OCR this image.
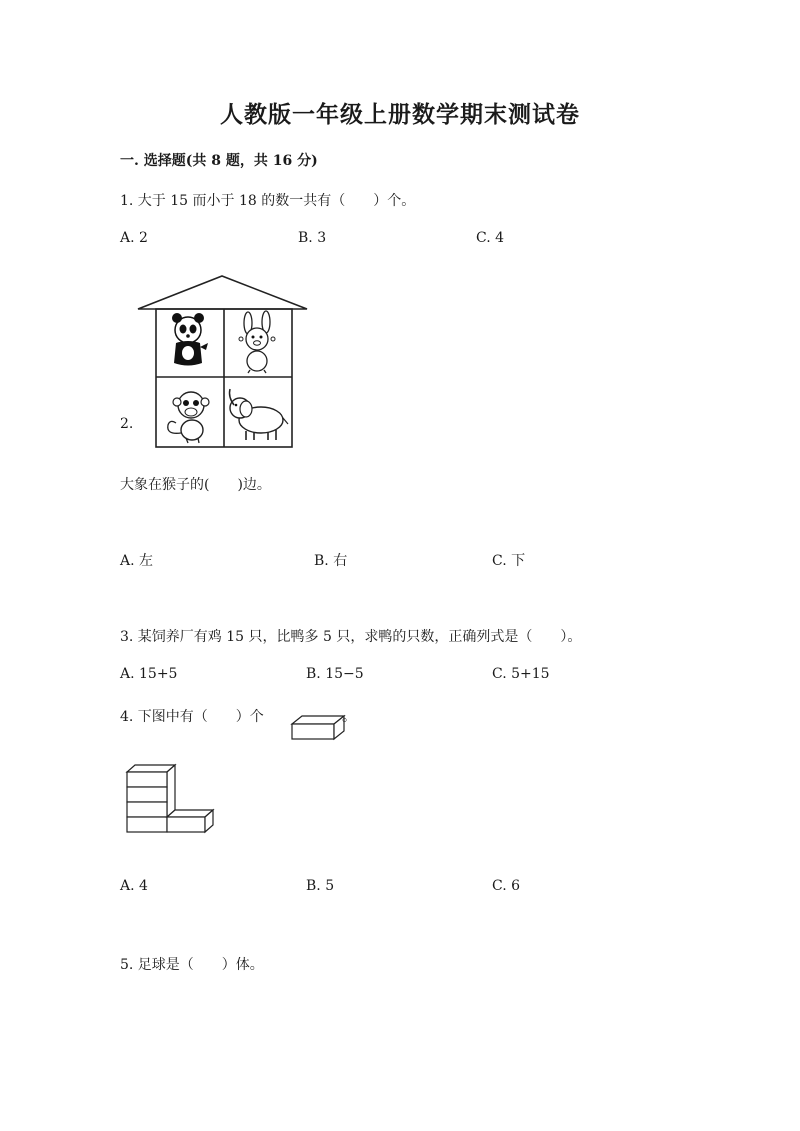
人教版一年级上册数学期末测试卷
一. 选择题(共 8 题，共 16 分)
1. 大于 15 而小于 18 的数一共有（　　）个。
A. 2	B. 3	C. 4
2.
大象在猴子的(　　)边。
A. 左	B. 右	C. 下
3. 某饲养厂有鸡 15 只，比鸭多 5 只，求鸭的只数，正确列式是（　　）。
A. 15+5	B. 15−5	C. 5+15
4. 下图中有（　　）个	。
A. 4	B. 5	C. 6
5. 足球是（　　）体。
